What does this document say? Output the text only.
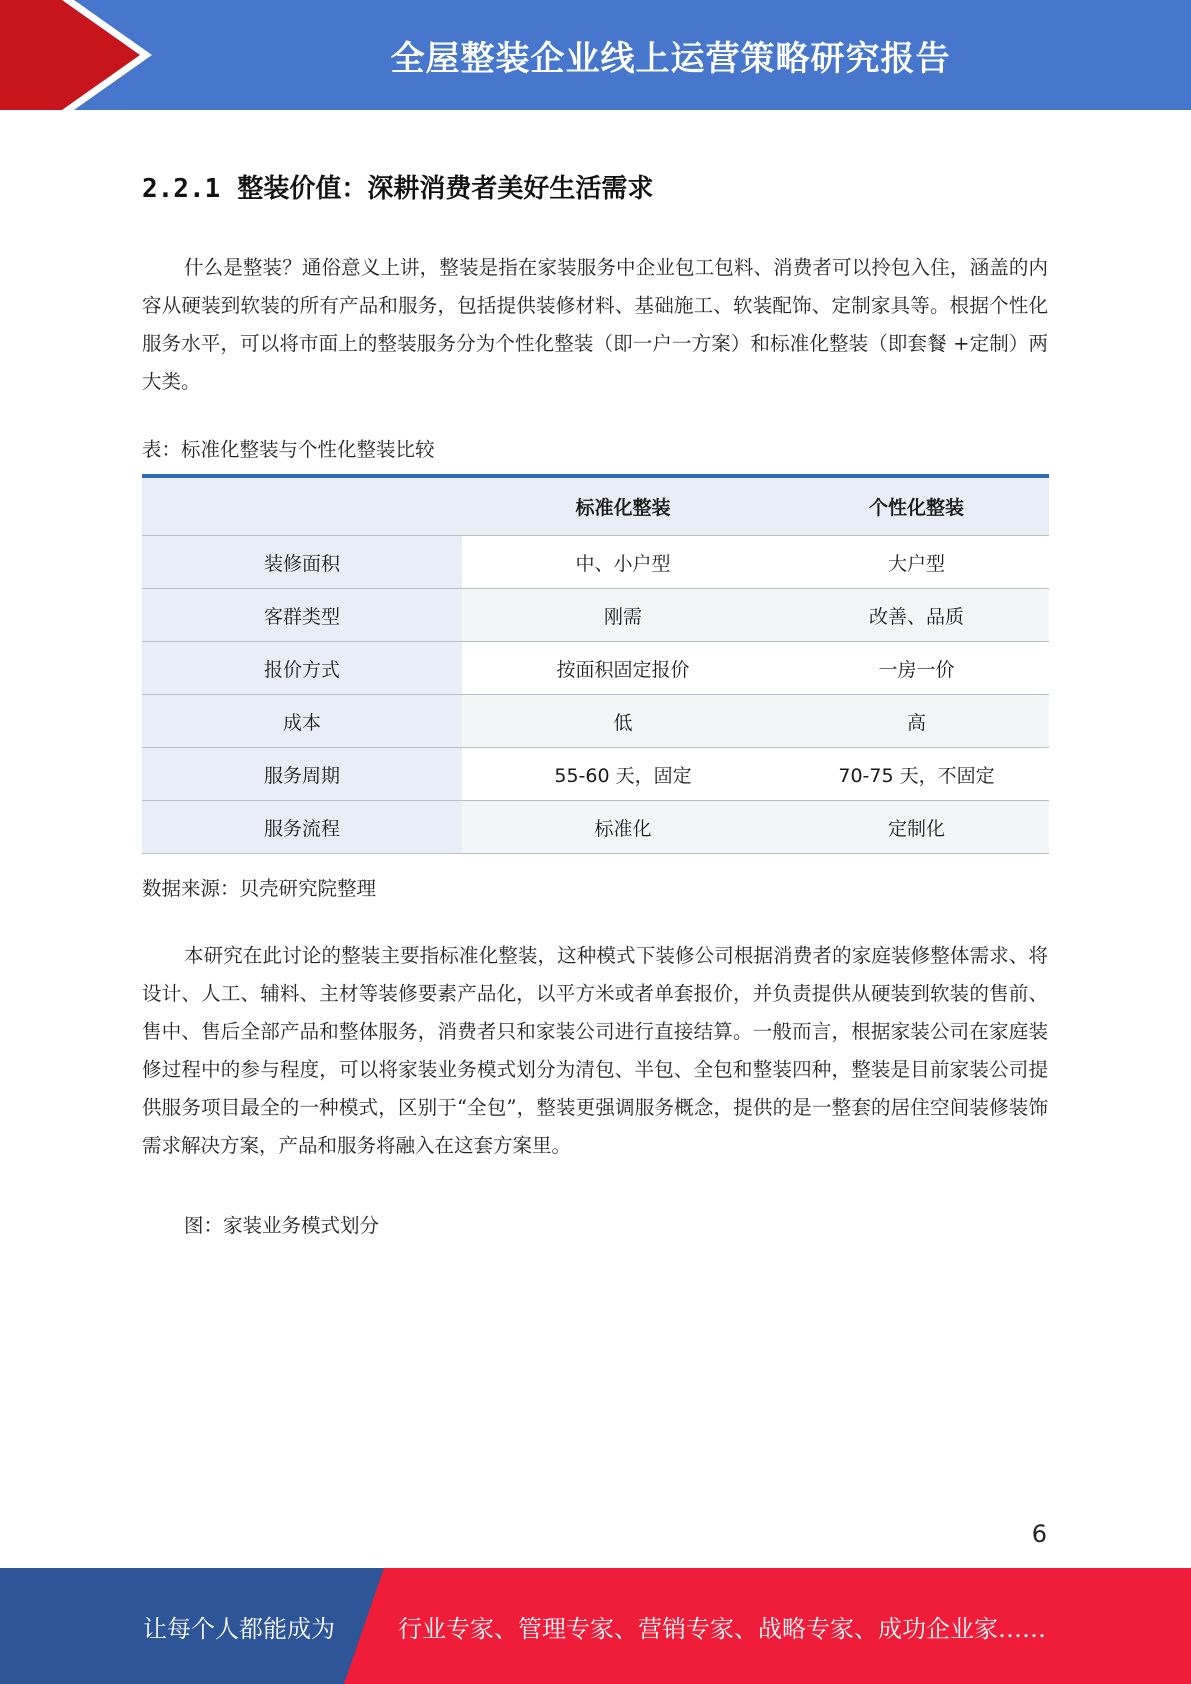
全屋整装企业线上运营策略研究报告
2.2.1 整装价值：深耕消费者美好生活需求

什么是整装？通俗意义上讲，整装是指在家装服务中企业包工包料、消费者可以拎包入住，涵盖的内容从硬装到软装的所有产品和服务，包括提供装修材料、基础施工、软装配饰、定制家具等。根据个性化服务水平，可以将市面上的整装服务分为个性化整装（即一户一方案）和标准化整装（即套餐 +定制）两大类。

表：标准化整装与个性化整装比较
	标准化整装	个性化整装
装修面积	中、小户型	大户型
客群类型	刚需	改善、品质
报价方式	按面积固定报价	一房一价
成本	低	高
服务周期	55-60 天，固定	70-75 天，不固定
服务流程	标准化	定制化
数据来源：贝壳研究院整理

本研究在此讨论的整装主要指标准化整装，这种模式下装修公司根据消费者的家庭装修整体需求、将设计、人工、辅料、主材等装修要素产品化，以平方米或者单套报价，并负责提供从硬装到软装的售前、售中、售后全部产品和整体服务，消费者只和家装公司进行直接结算。一般而言，根据家装公司在家庭装修过程中的参与程度，可以将家装业务模式划分为清包、半包、全包和整装四种，整装是目前家装公司提供服务项目最全的一种模式，区别于“全包”，整装更强调服务概念，提供的是一整套的居住空间装修装饰需求解决方案，产品和服务将融入在这套方案里。

图：家装业务模式划分
6
让每个人都能成为	行业专家、管理专家、营销专家、战略专家、成功企业家……
